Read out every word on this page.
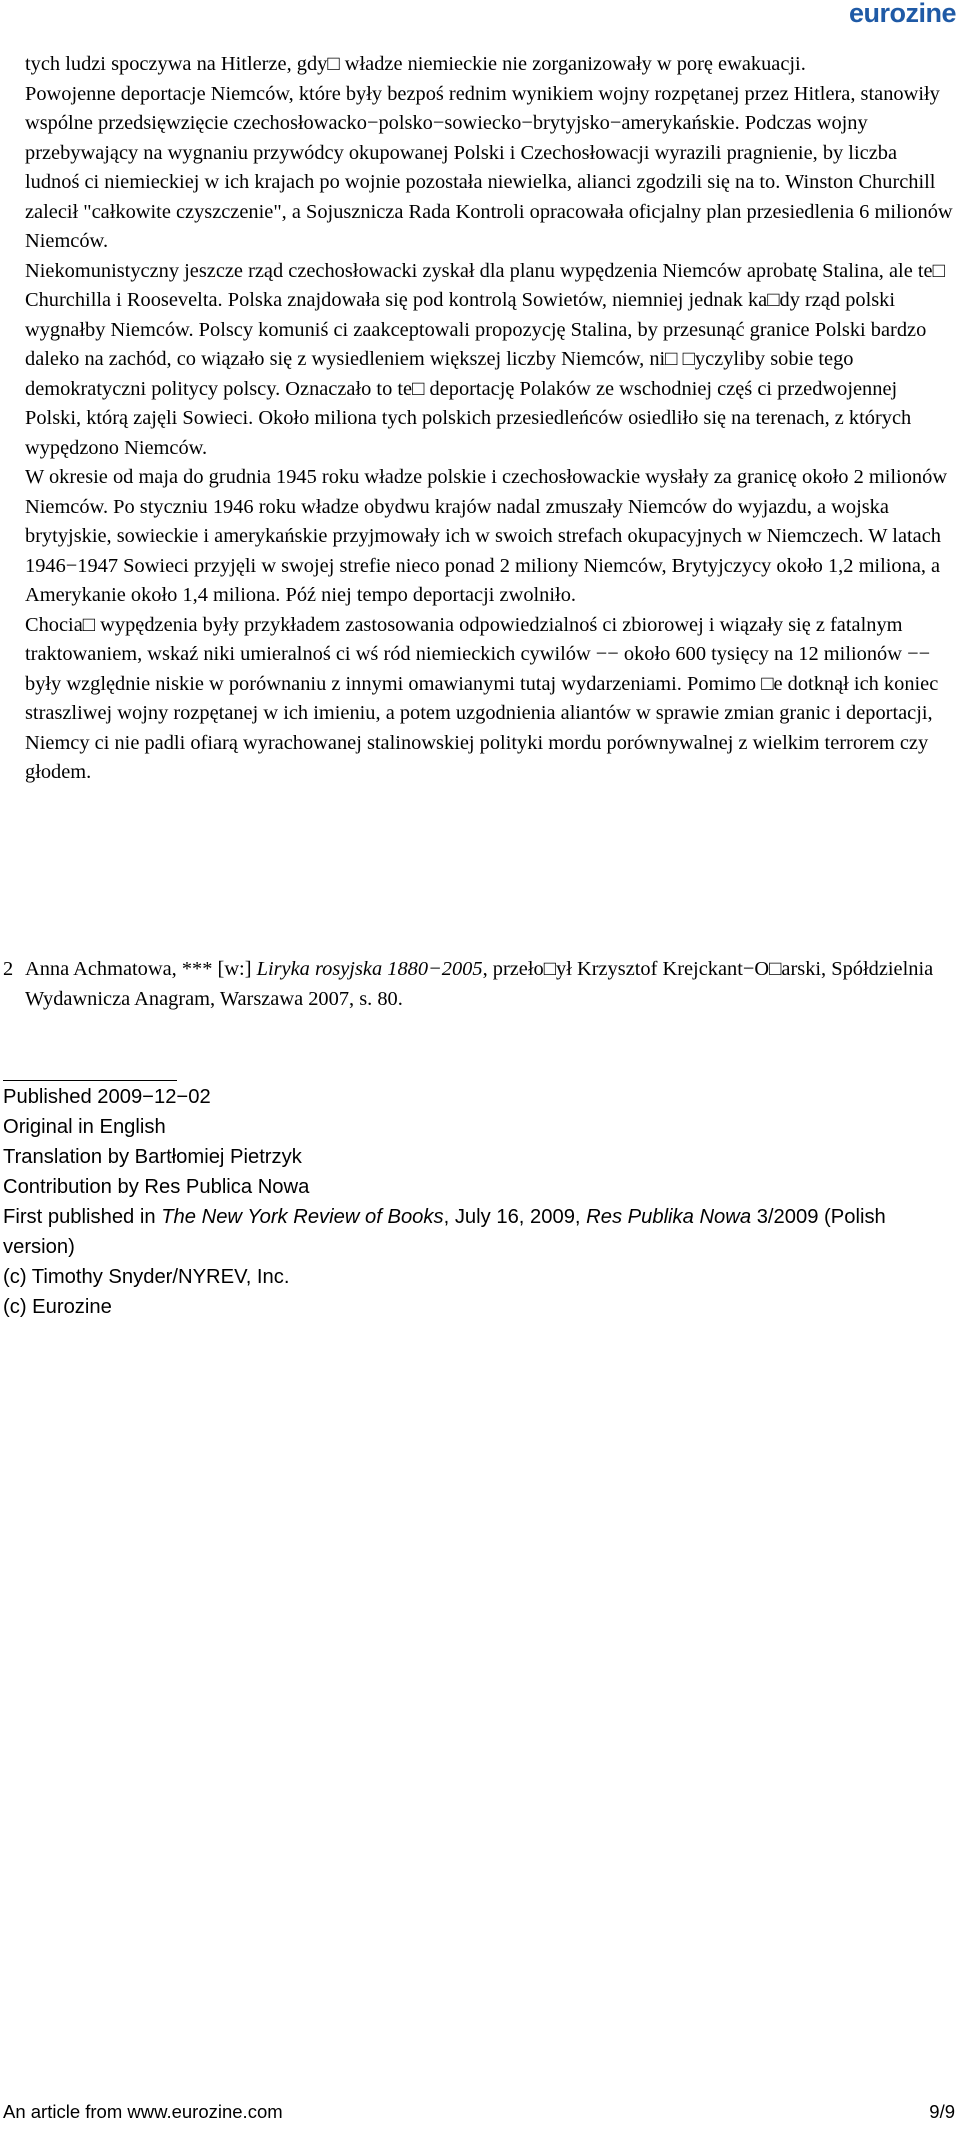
eurozine

tych ludzi spoczywa na Hitlerze, gdy□ władze niemieckie nie zorganizowały w porę ewakuacji.

Powojenne deportacje Niemców, które były bezpoś rednim wynikiem wojny rozpętanej przez Hitlera, stanowiły wspólne przedsięwzięcie czechosłowacko−polsko−sowiecko−brytyjsko−amerykańskie. Podczas wojny przebywający na wygnaniu przywódcy okupowanej Polski i Czechosłowacji wyrazili pragnienie, by liczba ludnoś ci niemieckiej w ich krajach po wojnie pozostała niewielka, alianci zgodzili się na to. Winston Churchill zalecił "całkowite czyszczenie", a Sojusznicza Rada Kontroli opracowała oficjalny plan przesiedlenia 6 milionów Niemców.

Niekomunistyczny jeszcze rząd czechosłowacki zyskał dla planu wypędzenia Niemców aprobatę Stalina, ale te□ Churchilla i Roosevelta. Polska znajdowała się pod kontrolą Sowietów, niemniej jednak ka□dy rząd polski wygnałby Niemców. Polscy komuniś ci zaakceptowali propozycję Stalina, by przesunąć granice Polski bardzo daleko na zachód, co wiązało się z wysiedleniem większej liczby Niemców, ni□ □yczyliby sobie tego demokratyczni politycy polscy. Oznaczało to te□ deportację Polaków ze wschodniej częś ci przedwojennej Polski, którą zajęli Sowieci. Około miliona tych polskich przesiedleńców osiedliło się na terenach, z których wypędzono Niemców.

W okresie od maja do grudnia 1945 roku władze polskie i czechosłowackie wysłały za granicę około 2 milionów Niemców. Po styczniu 1946 roku władze obydwu krajów nadal zmuszały Niemców do wyjazdu, a wojska brytyjskie, sowieckie i amerykańskie przyjmowały ich w swoich strefach okupacyjnych w Niemczech. W latach 1946−1947 Sowieci przyjęli w swojej strefie nieco ponad 2 miliony Niemców, Brytyjczycy około 1,2 miliona, a Amerykanie około 1,4 miliona. Póź niej tempo deportacji zwolniło.

Chocia□ wypędzenia były przykładem zastosowania odpowiedzialnoś ci zbiorowej i wiązały się z fatalnym traktowaniem, wskaź niki umieralnoś ci wś ród niemieckich cywilów −− około 600 tysięcy na 12 milionów −− były względnie niskie w porównaniu z innymi omawianymi tutaj wydarzeniami. Pomimo □e dotknął ich koniec straszliwej wojny rozpętanej w ich imieniu, a potem uzgodnienia aliantów w sprawie zmian granic i deportacji, Niemcy ci nie padli ofiarą wyrachowanej stalinowskiej polityki mordu porównywalnej z wielkim terrorem czy głodem.

2 Anna Achmatowa, *** [w:] Liryka rosyjska 1880−2005, przeło□ył Krzysztof Krejckant−O□arski, Spółdzielnia Wydawnicza Anagram, Warszawa 2007, s. 80.

Published 2009−12−02

Original in English

Translation by Bartłomiej Pietrzyk

Contribution by Res Publica Nowa

First published in The New York Review of Books, July 16, 2009, Res Publika Nowa 3/2009 (Polish version)

(c) Timothy Snyder/NYREV, Inc.

(c) Eurozine

An article from www.eurozine.com	9/9
